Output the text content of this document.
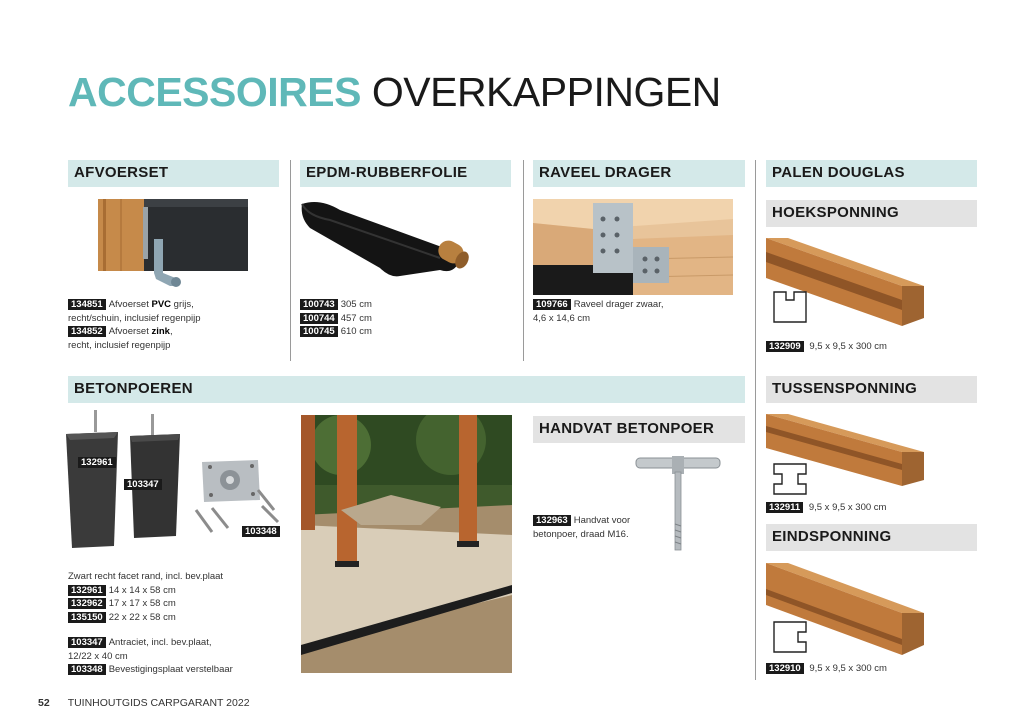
ACCESSOIRES OVERKAPPINGEN
AFVOERSET
134851 Afvoerset PVC grijs,
recht/schuin, inclusief regenpijp
134852 Afvoerset zink,
recht, inclusief regenpijp
EPDM-RUBBERFOLIE
100743 305 cm
100744 457 cm
100745 610 cm
RAVEEL DRAGER
109766 Raveel drager zwaar,
4,6 x 14,6 cm
PALEN DOUGLAS
HOEKSPONNING
132909 9,5 x 9,5 x 300 cm
TUSSENSPONNING
132911 9,5 x 9,5 x 300 cm
EINDSPONNING
132910 9,5 x 9,5 x 300 cm
BETONPOEREN
132961
103347
103348
Zwart recht facet rand, incl. bev.plaat
132961 14 x 14 x 58 cm
132962 17 x 17 x 58 cm
135150 22 x 22 x 58 cm
103347 Antraciet, incl. bev.plaat,
12/22 x 40 cm
103348 Bevestigingsplaat verstelbaar
HANDVAT BETONPOER
132963 Handvat voor
betonpoer, draad M16.
52 TUINHOUTGIDS CARPGARANT 2022
